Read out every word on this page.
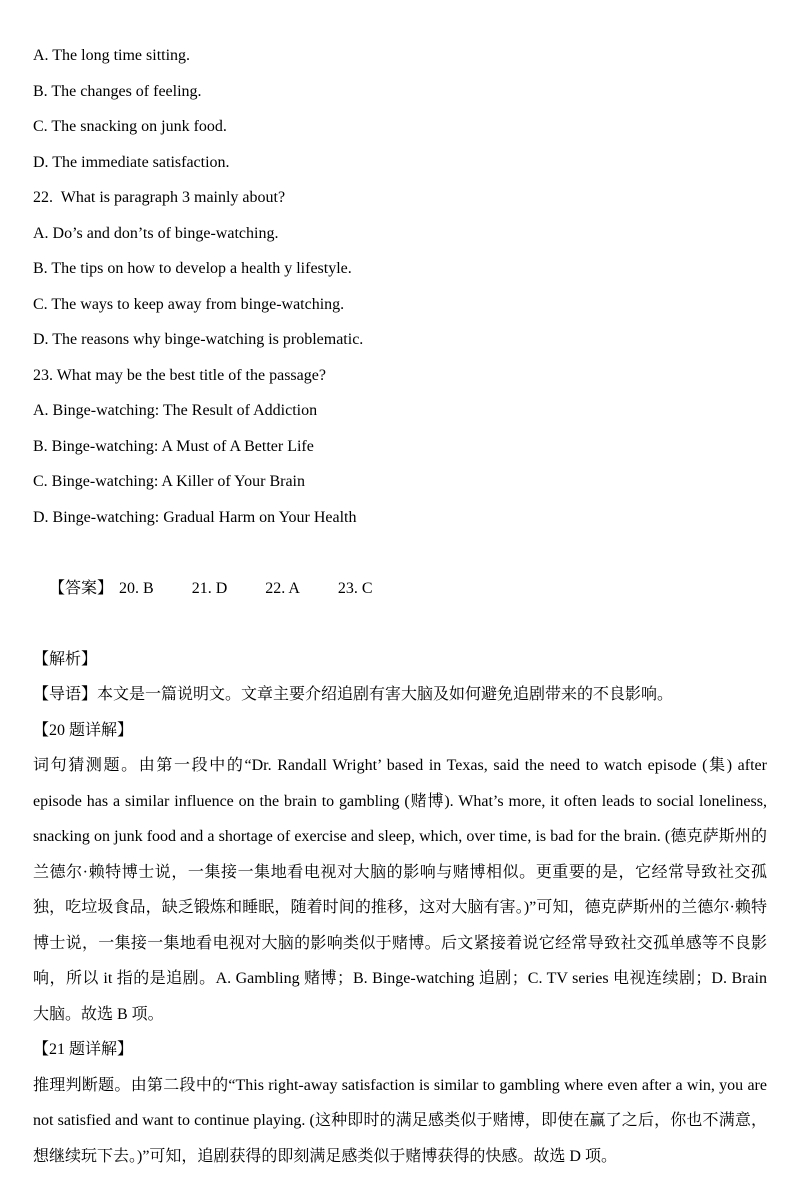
A. The long time sitting.

B. The changes of feeling.

C. The snacking on junk food.

D. The immediate satisfaction.

22.  What is paragraph 3 mainly about?

A. Do’s and don’ts of binge-watching.

B. The tips on how to develop a health y lifestyle.

C. The ways to keep away from binge-watching.

D. The reasons why binge-watching is problematic.

23. What may be the best title of the passage?

A. Binge-watching: The Result of Addiction

B. Binge-watching: A Must of A Better Life

C. Binge-watching: A Killer of Your Brain

D. Binge-watching: Gradual Harm on Your Health

【答案】 20. B 21. D 22. A 23. C

【解析】

【导语】本文是一篇说明文。文章主要介绍追剧有害大脑及如何避免追剧带来的不良影响。

【20 题详解】

词句猜测题。由第一段中的“Dr. Randall Wright’ based in Texas, said the need to watch episode (集) after episode has a similar influence on the brain to gambling (赌博). What’s more, it often leads to social loneliness, snacking on junk food and a shortage of exercise and sleep, which, over time, is bad for the brain. (德克萨斯州的兰德尔·赖特博士说，一集接一集地看电视对大脑的影响与赌博相似。更重要的是，它经常导致社交孤独，吃垃圾食品，缺乏锻炼和睡眠，随着时间的推移，这对大脑有害。)”可知，德克萨斯州的兰德尔·赖特博士说，一集接一集地看电视对大脑的影响类似于赌博。后文紧接着说它经常导致社交孤单感等不良影响，所以 it 指的是追剧。A. Gambling 赌博；B. Binge-watching 追剧；C. TV series 电视连续剧；D. Brain 大脑。故选 B 项。

【21 题详解】

推理判断题。由第二段中的“This right-away satisfaction is similar to gambling where even after a win, you are not satisfied and want to continue playing. (这种即时的满足感类似于赌博，即使在赢了之后，你也不满意，想继续玩下去。)”可知，追剧获得的即刻满足感类似于赌博获得的快感。故选 D 项。
